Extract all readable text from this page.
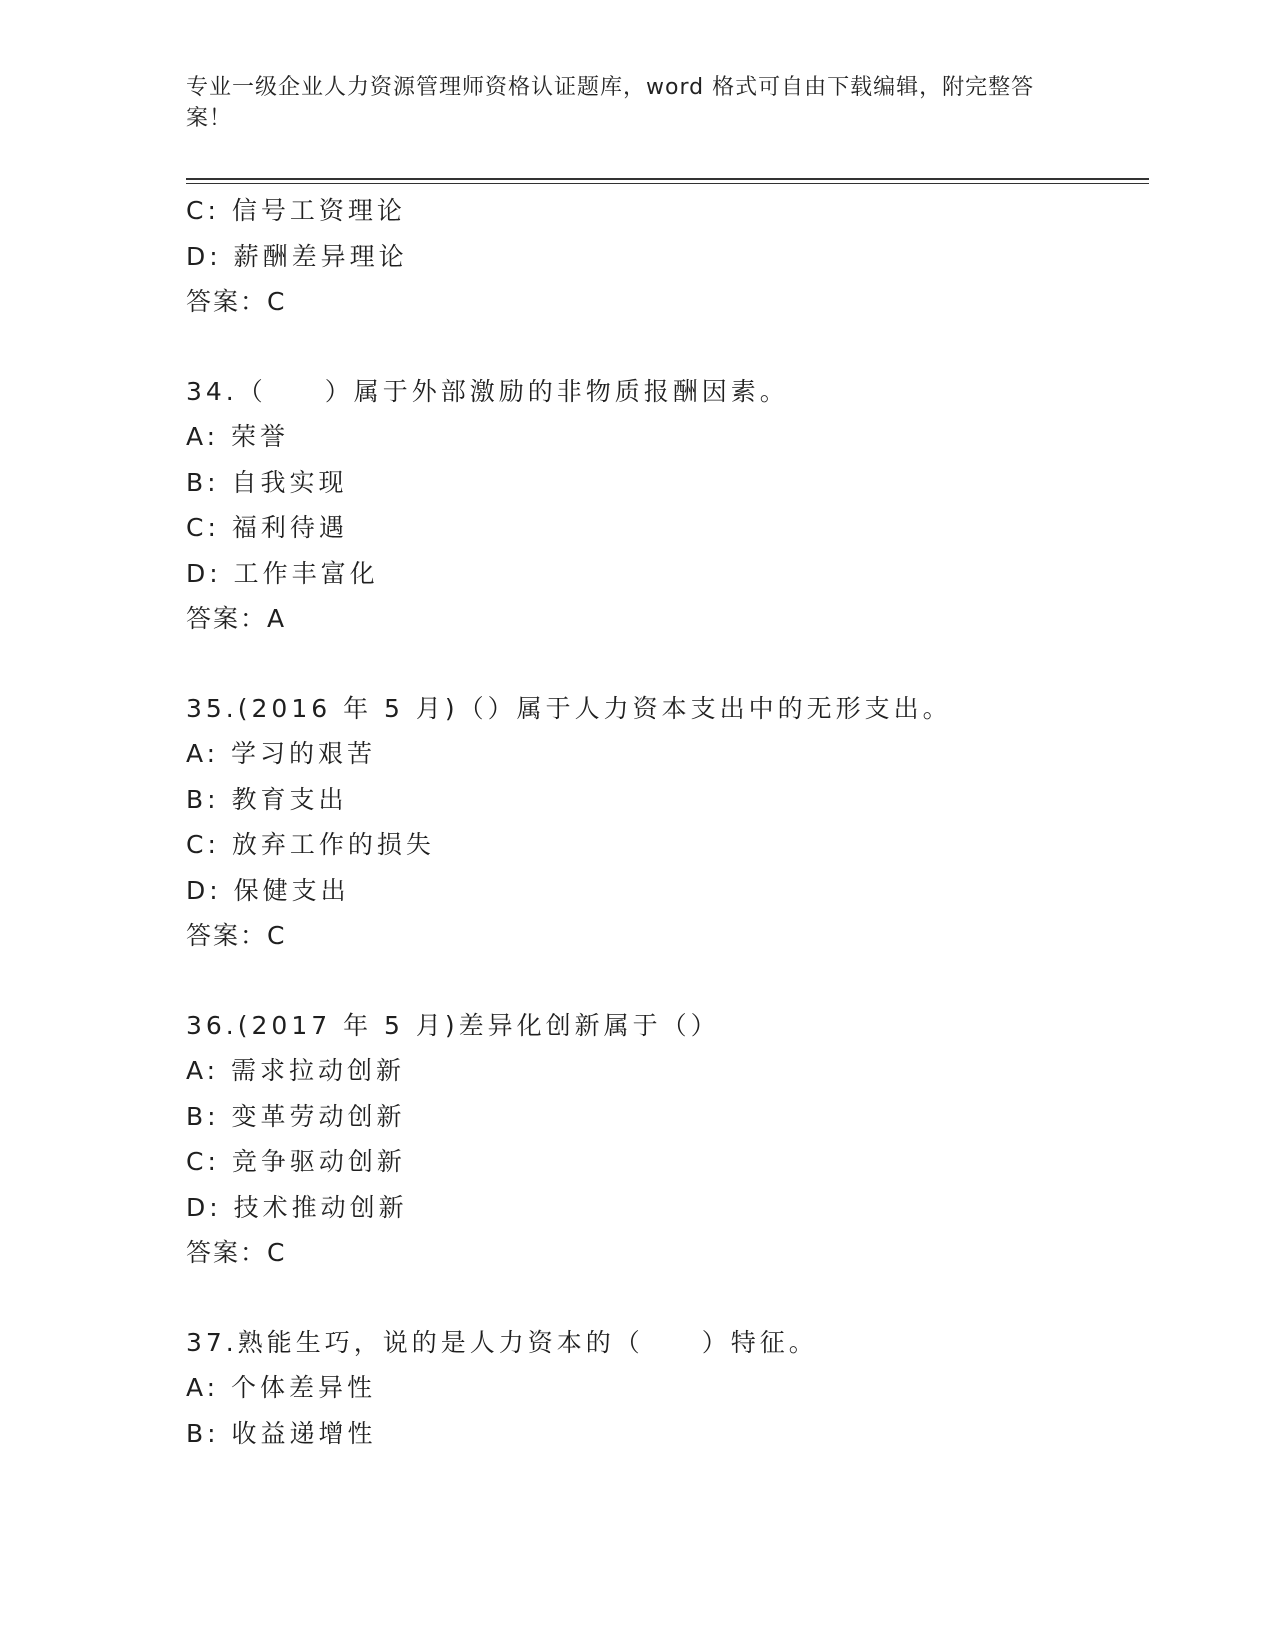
专业一级企业人力资源管理师资格认证题库，word 格式可自由下载编辑，附完整答案！
C: 信号工资理论
D: 薪酬差异理论
答案：C
34.（　　）属于外部激励的非物质报酬因素。
A: 荣誉
B: 自我实现
C: 福利待遇
D: 工作丰富化
答案：A
35.(2016 年 5 月)（）属于人力资本支出中的无形支出。
A: 学习的艰苦
B: 教育支出
C: 放弃工作的损失
D: 保健支出
答案：C
36.(2017 年 5 月)差异化创新属于（）
A: 需求拉动创新
B: 变革劳动创新
C: 竞争驱动创新
D: 技术推动创新
答案：C
37.熟能生巧，说的是人力资本的（　　）特征。
A: 个体差异性
B: 收益递增性
